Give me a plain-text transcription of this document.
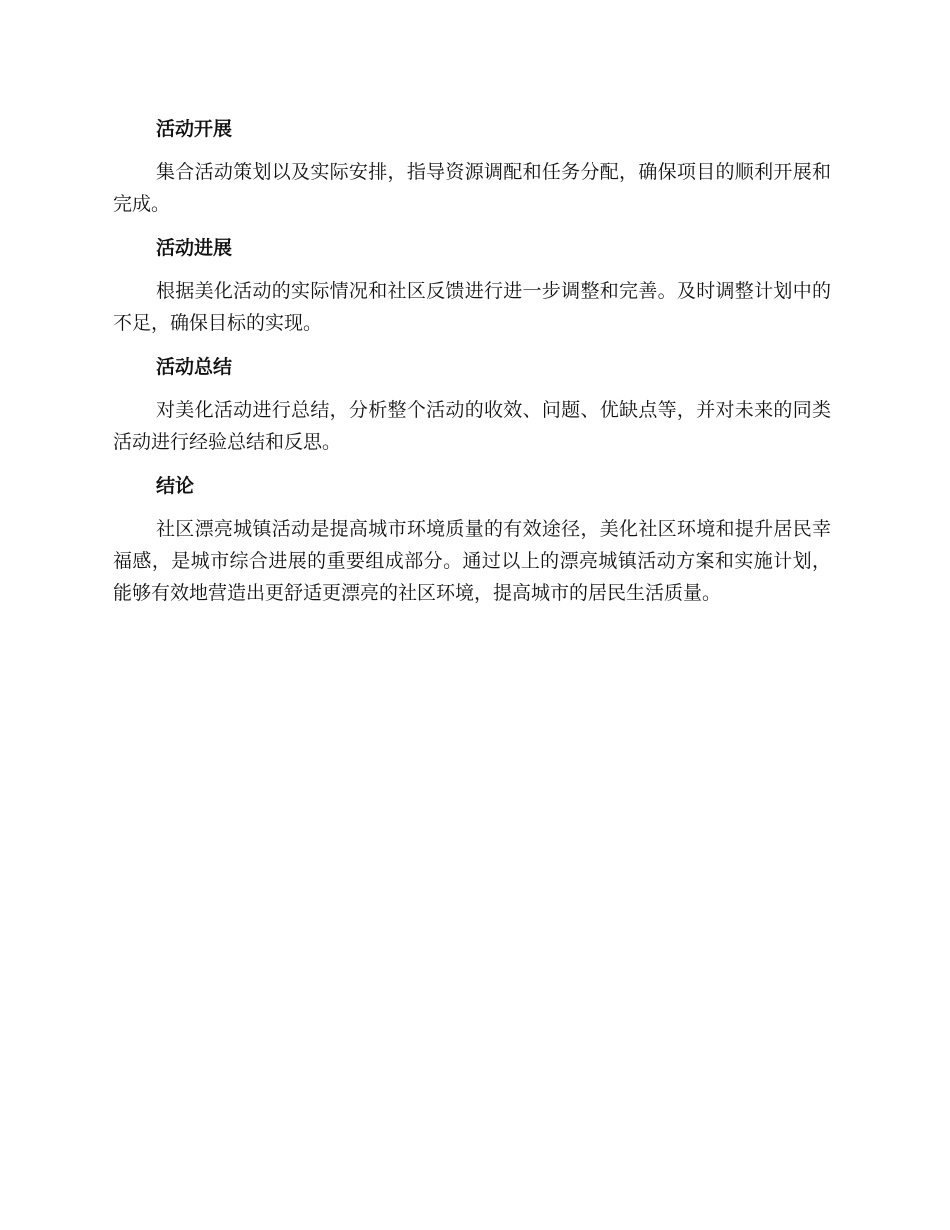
活动开展

集合活动策划以及实际安排，指导资源调配和任务分配，确保项目的顺利开展和完成。

活动进展

根据美化活动的实际情况和社区反馈进行进一步调整和完善。及时调整计划中的不足，确保目标的实现。

活动总结

对美化活动进行总结，分析整个活动的收效、问题、优缺点等，并对未来的同类活动进行经验总结和反思。

结论

社区漂亮城镇活动是提高城市环境质量的有效途径，美化社区环境和提升居民幸福感，是城市综合进展的重要组成部分。通过以上的漂亮城镇活动方案和实施计划，能够有效地营造出更舒适更漂亮的社区环境，提高城市的居民生活质量。
